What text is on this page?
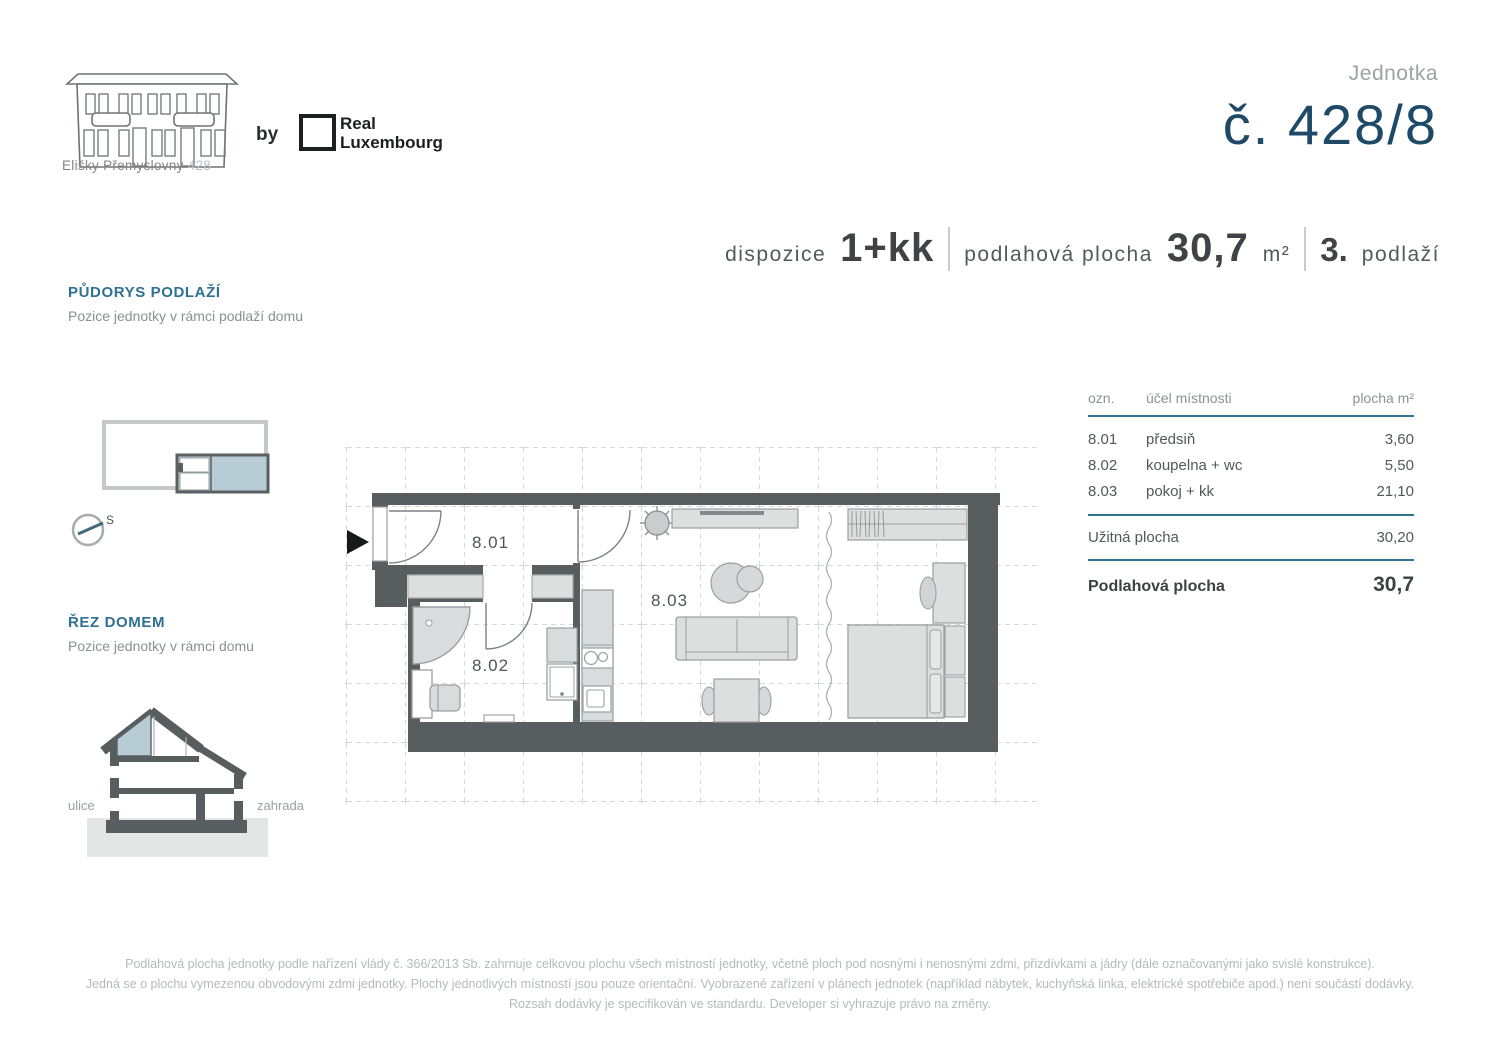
Elišky Přemyslovny 428
by
Real
Luxembourg
Jednotka
č. 428/8
dispozice 1+kk podlahová plocha 30,7 m² 3. podlaží
PŮDORYS PODLAŽÍ
Pozice jednotky v rámci podlaží domu
ŘEZ DOMEM
Pozice jednotky v rámci domu
S
ulice	zahrada
8.01
8.02
8.03
ozn.	účel místnosti	plocha m²
8.01	předsiň	3,60
8.02	koupelna + wc	5,50
8.03	pokoj + kk	21,10
Užitná plocha	30,20
Podlahová plocha	30,7
Podlahová plocha jednotky podle nařízení vlády č. 366/2013 Sb. zahrnuje celkovou plochu všech místností jednotky, včetně ploch pod nosnými i nenosnými zdmi, přizdívkami a jádry (dále označovanými jako svislé konstrukce).
Jedná se o plochu vymezenou obvodovými zdmi jednotky. Plochy jednotlivých místností jsou pouze orientační. Vyobrazené zařízení v plánech jednotek (například nábytek, kuchyňská linka, elektrické spotřebiče apod.) není součástí dodávky.
Rozsah dodávky je specifikován ve standardu. Developer si vyhrazuje právo na změny.
